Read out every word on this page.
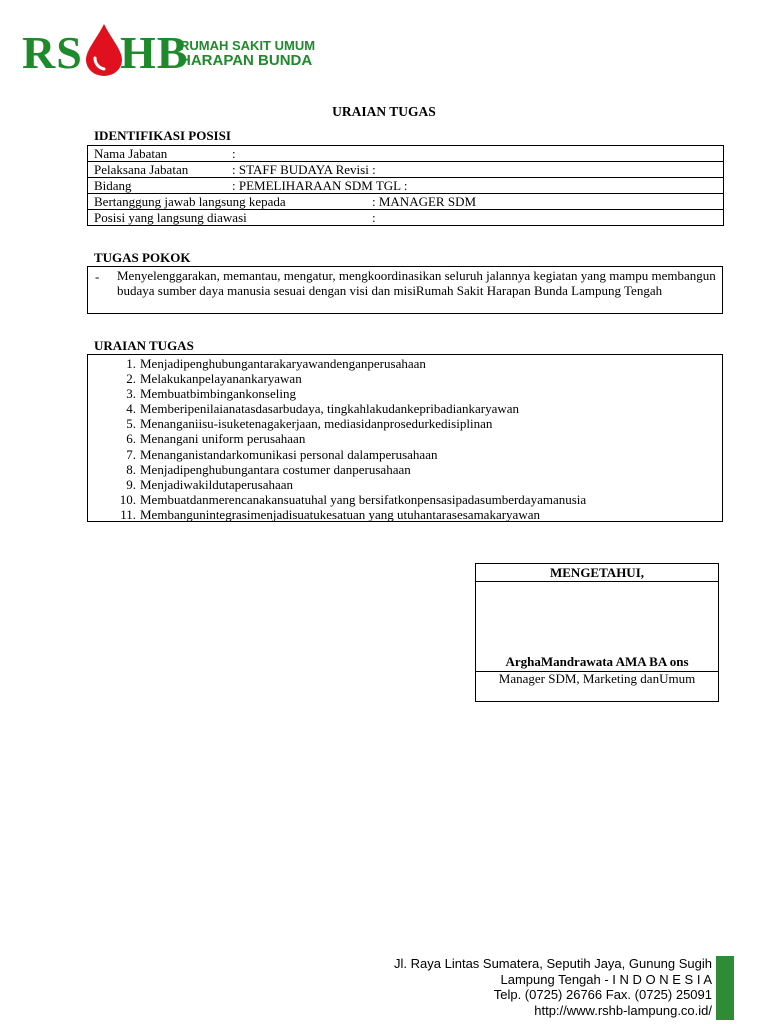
RS HB
RUMAH SAKIT UMUM
HARAPAN BUNDA
URAIAN TUGAS
IDENTIFIKASI POSISI
Nama Jabatan	:
Pelaksana Jabatan	: STAFF BUDAYA Revisi :
Bidang	: PEMELIHARAAN SDM TGL :
Bertanggung jawab langsung kepada	: MANAGER SDM
Posisi yang langsung diawasi	:
TUGAS POKOK
- Menyelenggarakan, memantau, mengatur, mengkoordinasikan seluruh jalannya kegiatan yang mampu membangun budaya sumber daya manusia sesuai dengan visi dan misiRumah Sakit Harapan Bunda Lampung Tengah
URAIAN TUGAS
1. Menjadipenghubungantarakaryawandenganperusahaan
2. Melakukanpelayanankaryawan
3. Membuatbimbingankonseling
4. Memberipenilaianatasdasarbudaya, tingkahlakudankepribadiankaryawan
5. Menanganiisu-isuketenagakerjaan, mediasidanprosedurkedisiplinan
6. Menangani uniform perusahaan
7. Menanganistandarkomunikasi personal dalamperusahaan
8. Menjadipenghubungantara costumer danperusahaan
9. Menjadiwakildutaperusahaan
10. Membuatdanmerencanakansuatuhal yang bersifatkonpensasipadasumberdayamanusia
11. Membangunintegrasimenjadisuatukesatuan yang utuhantarasesamakaryawan
MENGETAHUI,
ArghaMandrawata AMA BA ons
Manager SDM, Marketing danUmum
Jl. Raya Lintas Sumatera, Seputih Jaya, Gunung Sugih
Lampung Tengah - I N D O N E S I A
Telp. (0725) 26766 Fax. (0725) 25091
http://www.rshb-lampung.co.id/
